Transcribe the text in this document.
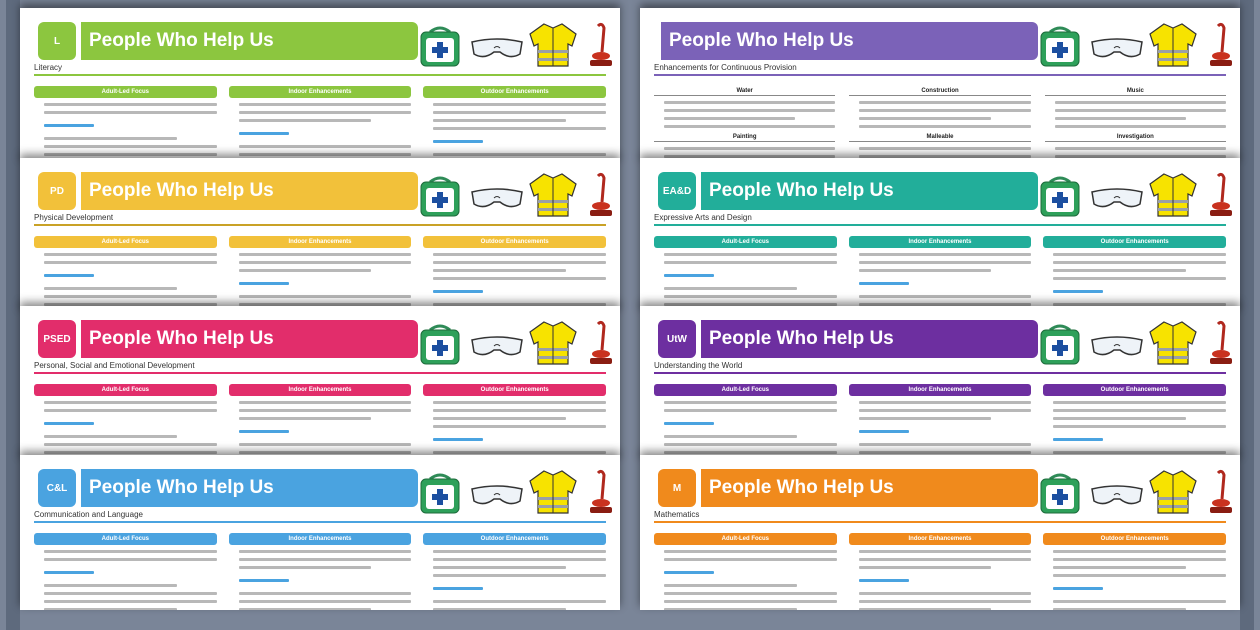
L	People Who Help Us
Literacy
Adult-Led Focus	Indoor Enhancements	Outdoor Enhancements
PD	People Who Help Us
Physical Development
Adult-Led Focus	Indoor Enhancements	Outdoor Enhancements
PSED People Who Help Us
Personal, Social and Emotional Development
Adult-Led Focus	Indoor Enhancements	Outdoor Enhancements
C&L	People Who Help Us
Communication and Language
Adult-Led Focus	Indoor Enhancements	Outdoor Enhancements
People Who Help Us
Enhancements for Continuous Provision
Water	Construction	Music
Painting	Malleable	Investigation
EA&D People Who Help Us
Expressive Arts and Design
Adult-Led Focus	Indoor Enhancements	Outdoor Enhancements
UtW	People Who Help Us
Understanding the World
Adult-Led Focus	Indoor Enhancements	Outdoor Enhancements
M	People Who Help Us
Mathematics
Adult-Led Focus	Indoor Enhancements	Outdoor Enhancements
